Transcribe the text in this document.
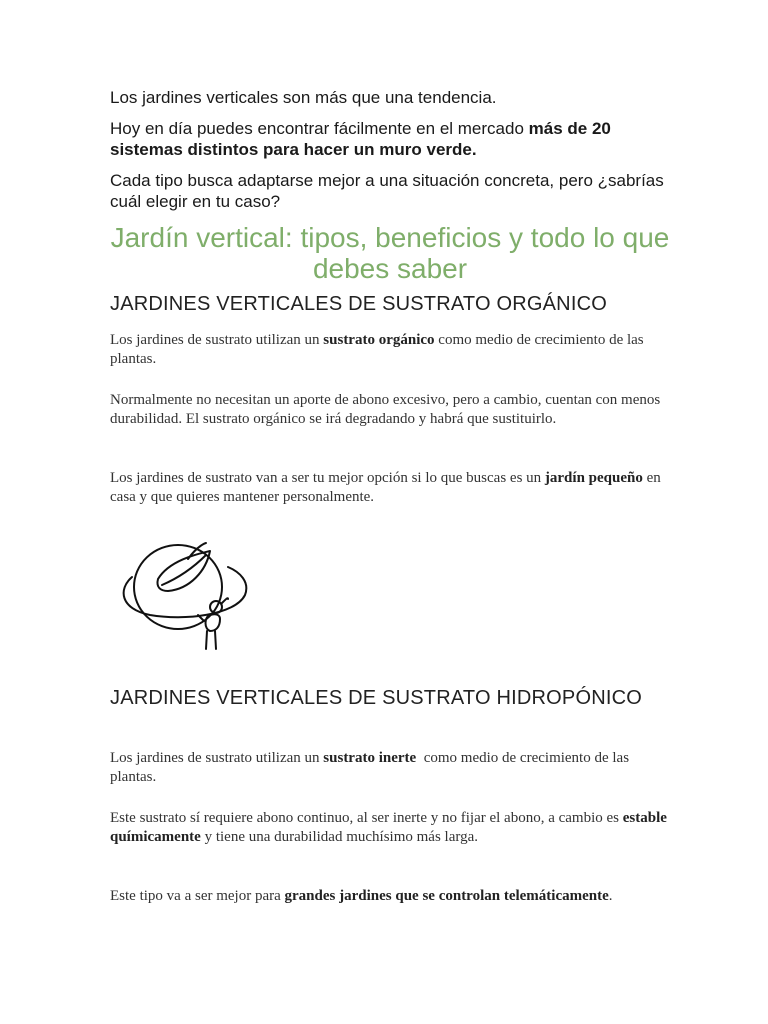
Los jardines verticales son más que una tendencia.
Hoy en día puedes encontrar fácilmente en el mercado más de 20 sistemas distintos para hacer un muro verde.
Cada tipo busca adaptarse mejor a una situación concreta, pero ¿sabrías cuál elegir en tu caso?
Jardín vertical: tipos, beneficios y todo lo que debes saber
JARDINES VERTICALES DE SUSTRATO ORGÁNICO
Los jardines de sustrato utilizan un sustrato orgánico como medio de crecimiento de las plantas.
Normalmente no necesitan un aporte de abono excesivo, pero a cambio, cuentan con menos durabilidad. El sustrato orgánico se irá degradando y habrá que sustituirlo.
Los jardines de sustrato van a ser tu mejor opción si lo que buscas es un jardín pequeño en casa y que quieres mantener personalmente.
JARDINES VERTICALES DE SUSTRATO HIDROPÓNICO
Los jardines de sustrato utilizan un sustrato inerte  como medio de crecimiento de las plantas.
Este sustrato sí requiere abono continuo, al ser inerte y no fijar el abono, a cambio es estable químicamente y tiene una durabilidad muchísimo más larga.
Este tipo va a ser mejor para grandes jardines que se controlan telemáticamente.
